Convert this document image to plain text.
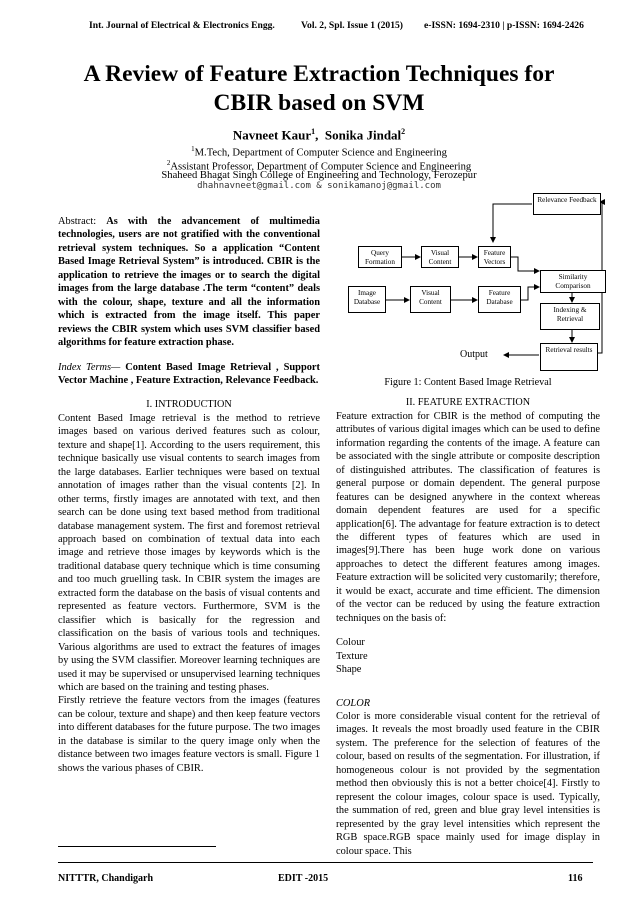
Int. Journal of Electrical & Electronics Engg.	Vol. 2, Spl. Issue 1 (2015) e-ISSN: 1694-2310 | p-ISSN: 1694-2426
A Review of Feature Extraction Techniques for
CBIR based on SVM
Navneet Kaur$^1$,  Sonika Jindal$^2$
$^1$M.Tech, Department of Computer Science and Engineering
$^2$Assistant Professor, Department of Computer Science and Engineering
Shaheed Bhagat Singh College of Engineering and Technology, Ferozepur
dhahnavneet@gmail.com & sonikamanoj@gmail.com

Abstract: As with the advancement of multimedia technologies, users are not gratified with the conventional retrieval system techniques. So a application “Content Based Image Retrieval System” is introduced. CBIR is the application to retrieve the images or to search the digital images from the large database .The term “content” deals with the colour, shape, texture and all the information which is extracted from the image itself. This paper reviews the CBIR system which uses SVM classifier based algorithms for feature extraction phase.

Index Terms— Content Based Image Retrieval , Support Vector Machine , Feature Extraction, Relevance Feedback.

I. INTRODUCTION

Content Based Image retrieval is the method to retrieve images based on various derived features such as colour, texture and shape[1]. According to the users requirement, this technique basically use visual contents to search images from the large databases. Earlier techniques were based on textual annotation of images rather than the visual contents [2]. In other terms, firstly images are annotated with text, and then search can be done using text based method from traditional database management system. The first and foremost retrieval approach based on combination of textual data into each image and retrieve those images by keywords which is the traditional database query technique which is time consuming and too much gruelling task. In CBIR system the images are extracted form the database on the basis of visual contents and represented as feature vectors. Furthermore, SVM is the classifier which is basically for the regression and classification on the basis of various tools and techniques. Various algorithms are used to extract the features of images by using the SVM classifier. Moreover learning techniques are used it may be supervised or unsupervised learning techniques which are based on the training and testing phases.

Firstly retrieve the feature vectors from the images (features can be colour, texture and shape) and then keep feature vectors into different databases for the future purpose. The two images in the database is similar to the query image only when the distance between two images feature vectors is small. Figure 1 shows the various phases of CBIR.

Query Formation
Visual Content
Feature Vectors
Relevance Feedback
Image Database
Visual Content
Feature Database
Similarity Comparison
Indexing & Retrieval
Retrieval results
Output

Figure 1: Content Based Image Retrieval

II. FEATURE EXTRACTION

Feature extraction for CBIR is the method of computing the attributes of various digital images which can be used to define information regarding the contents of the image. A feature can be associated with the single attribute or composite description of distinguished attributes. The classification of features is general purpose or domain dependent. The general purpose features can be designed anywhere in the context whereas domain dependent features are used for a specific application[6]. The advantage for feature extraction is to detect the different types of features which are used in images[9].There has been huge work done on various approaches to detect the different features among images. Feature extraction will be solicited very customarily; therefore, it would be exact, accurate and time efficient. The dimension of the vector can be reduced by using the feature extraction techniques on the basis of:

Colour

Texture

Shape

COLOR

Color is more considerable visual content for the retrieval of images. It reveals the most broadly used feature in the CBIR system. The preference for the selection of features of the colour, based on results of the segmentation. For illustration, if homogeneous colour is not provided by the segmentation method then obviously this is not a better choice[4]. Firstly to represent the colour images, colour space is used. Typically, the summation of red, green and blue gray level intensities is represented by the gray level intensities which represent the RGB space.RGB space mainly used for image display in colour space. This

NITTTR, Chandigarh	EDIT -2015	116
